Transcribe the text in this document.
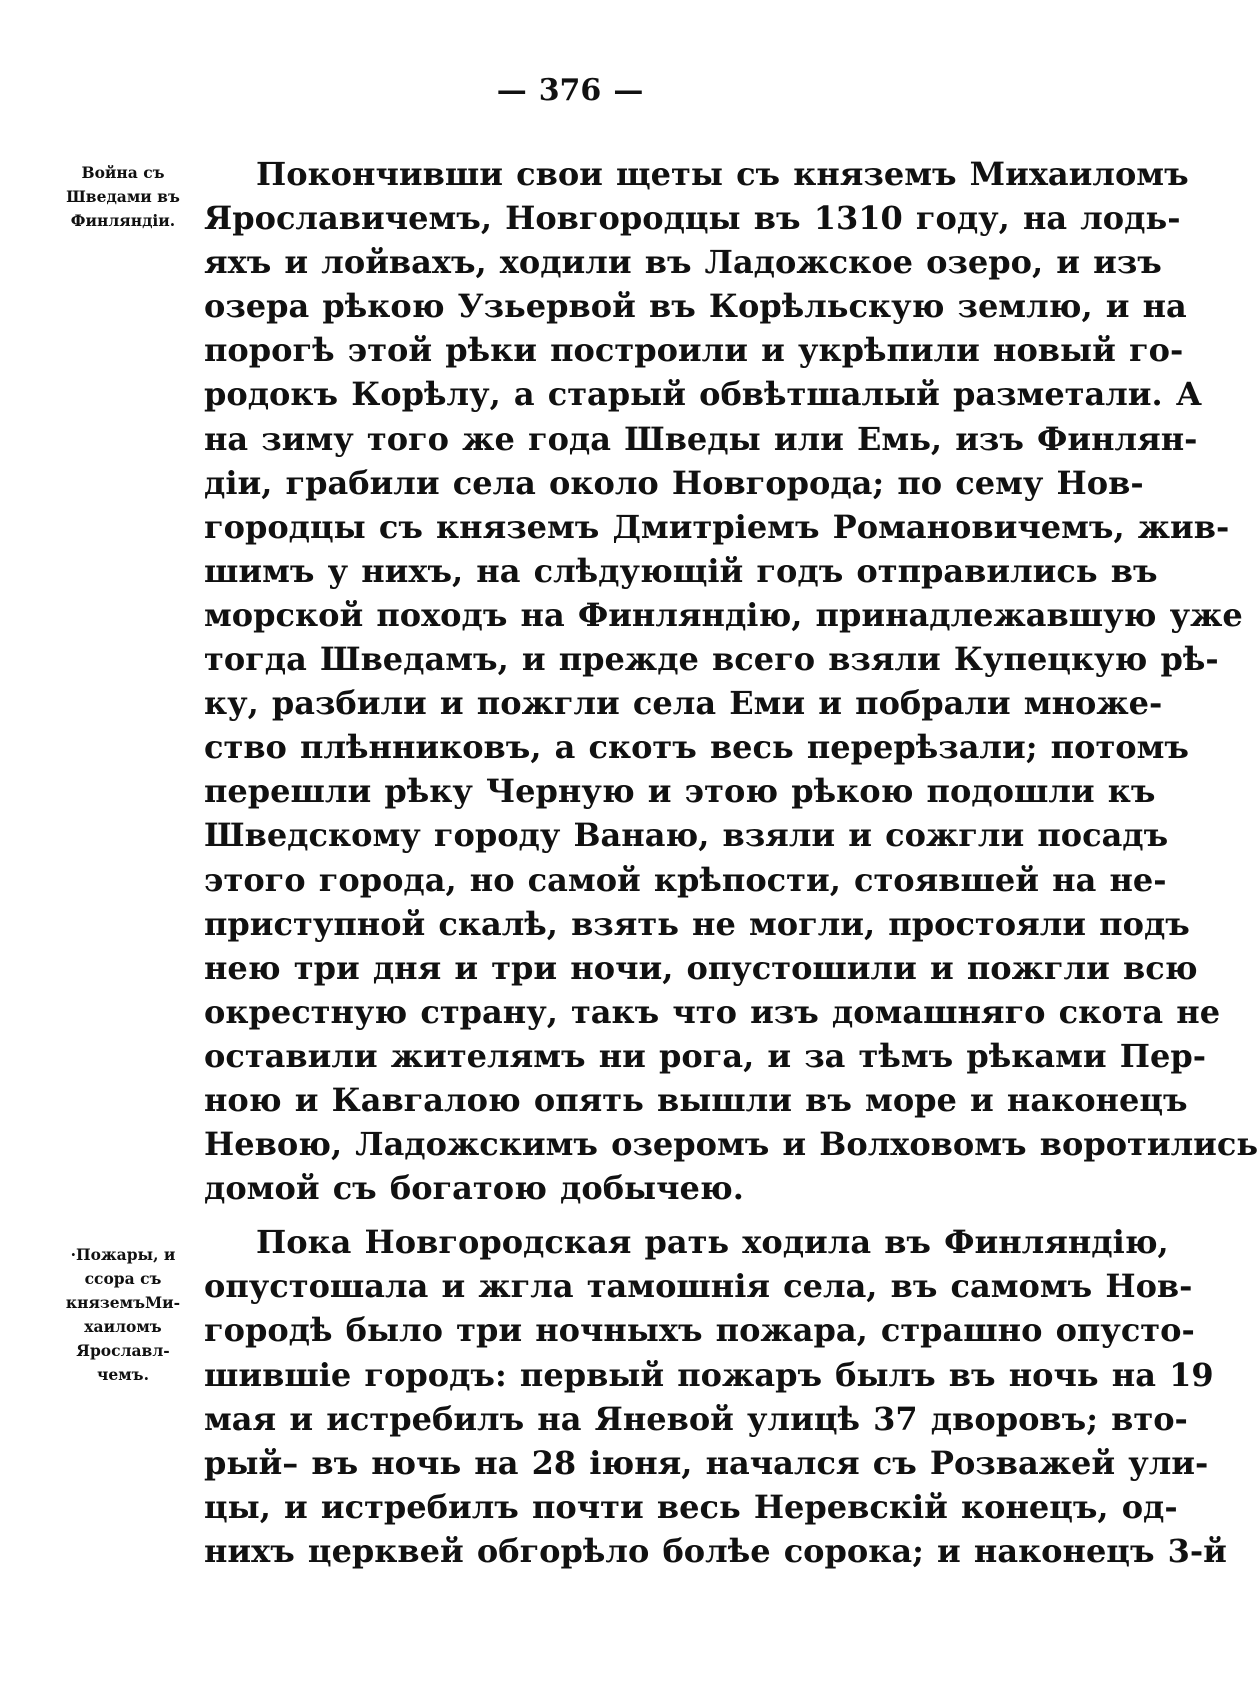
— 376 —
Война съ
Шведами въ
Финляндіи.
·Пожары, и
ссора съ
княземъМи-
хаиломъ
Ярославл-
чемъ.
Покончивши свои щеты съ княземъ Михаиломъ
Ярославичемъ, Новгородцы въ 1310 году, на лодь-
яхъ и лойвахъ, ходили въ Ладожское озеро, и изъ
озера рѣкою Узьервой въ Корѣльскую землю, и на
порогѣ этой рѣки построили и укрѣпили новый го-
родокъ Корѣлу, а старый обвѣтшалый разметали. А
на зиму того же года Шведы или Емь, изъ Финлян-
діи, грабили села около Новгорода; по сему Нов-
городцы съ княземъ Дмитріемъ Романовичемъ, жив-
шимъ у нихъ, на слѣдующій годъ отправились въ
морской походъ на Финляндію, принадлежавшую уже
тогда Шведамъ, и прежде всего взяли Купецкую рѣ-
ку, разбили и пожгли села Еми и побрали множе-
ство плѣнниковъ, а скотъ весь перерѣзали; потомъ
перешли рѣку Черную и этою рѣкою подошли къ
Шведскому городу Ванаю, взяли и сожгли посадъ
этого города, но самой крѣпости, стоявшей на не-
приступной скалѣ, взять не могли, простояли подъ
нею три дня и три ночи, опустошили и пожгли всю
окрестную страну, такъ что изъ домашняго скота не
оставили жителямъ ни рога, и за тѣмъ рѣками Пер-
ною и Кавгалою опять вышли въ море и наконецъ
Невою, Ладожскимъ озеромъ и Волховомъ воротились
домой съ богатою добычею.
Пока Новгородская рать ходила въ Финляндію,
опустошала и жгла тамошнія села, въ самомъ Нов-
городѣ было три ночныхъ пожара, страшно опусто-
шившіе городъ: первый пожаръ былъ въ ночь на 19
мая и истребилъ на Яневой улицѣ 37 дворовъ; вто-
рый– въ ночь на 28 іюня, начался съ Розважей ули-
цы, и истребилъ почти весь Неревскій конецъ, од-
нихъ церквей обгорѣло болѣе сорока; и наконецъ 3-й
